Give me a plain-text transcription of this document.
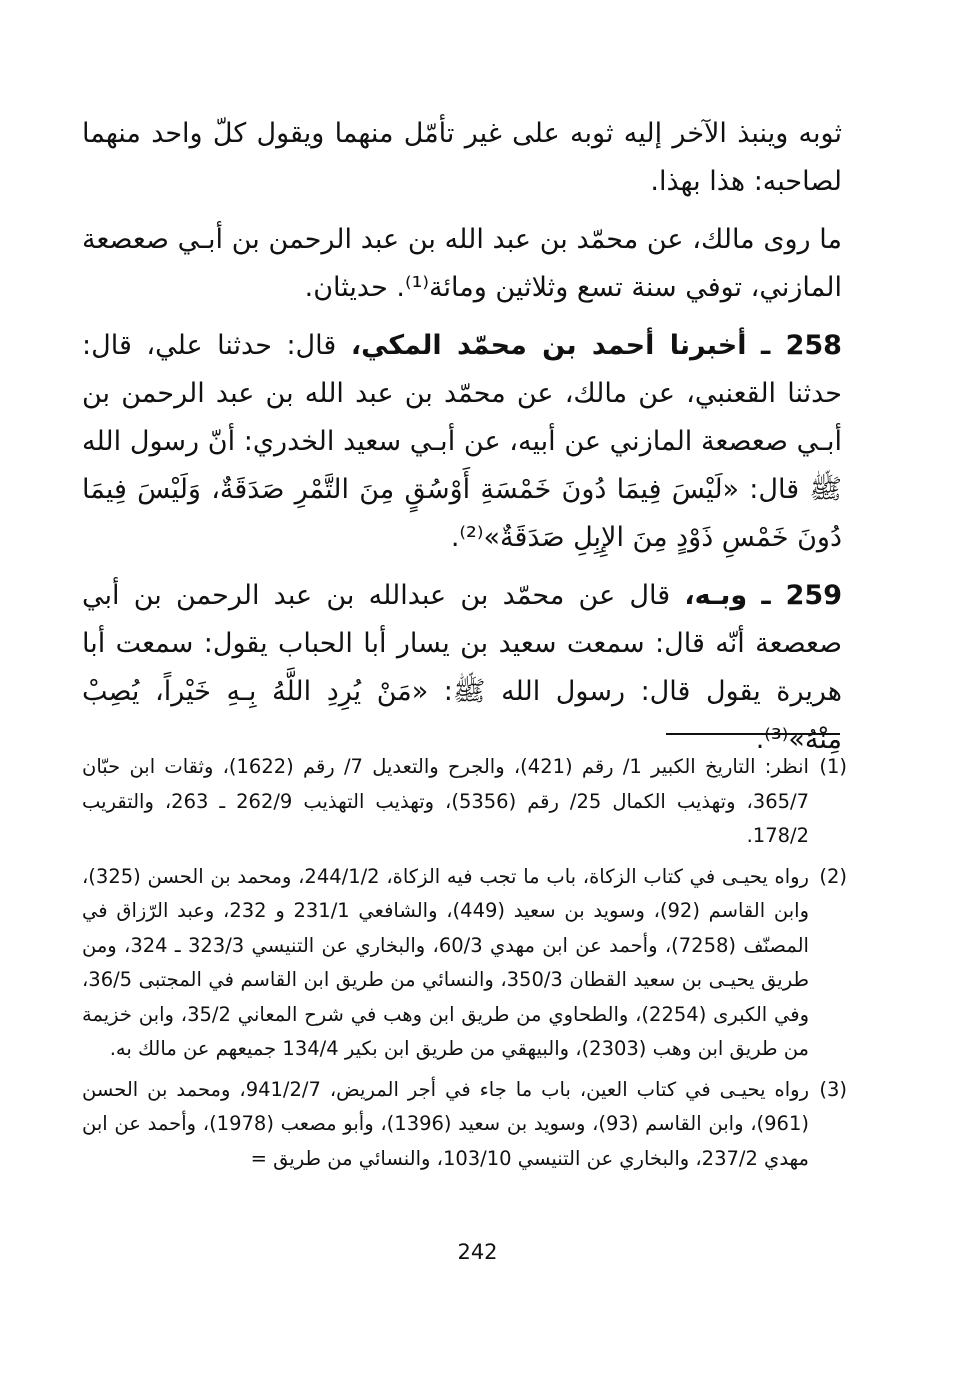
ثوبه وينبذ الآخر إليه ثوبه على غير تأمّل منهما ويقول كلّ واحد منهما لصاحبه: هذا بهذا.

ما روى مالك، عن محمّد بن عبد الله بن عبد الرحمن بن أبـي صعصعة المازني، توفي سنة تسع وثلاثين ومائة⁽¹⁾. حديثان.

258 ـ أخبرنا أحمد بن محمّد المكي، قال: حدثنا علي، قال: حدثنا القعنبي، عن مالك، عن محمّد بن عبد الله بن عبد الرحمن بن أبـي صعصعة المازني عن أبيه، عن أبـي سعيد الخدري: أنّ رسول الله ﷺ قال: «لَيْسَ فِيمَا دُونَ خَمْسَةِ أَوْسُقٍ مِنَ التَّمْرِ صَدَقَةٌ، وَلَيْسَ فِيمَا دُونَ خَمْسِ ذَوْدٍ مِنَ الإِبِلِ صَدَقَةٌ»⁽²⁾.

259 ـ وبـه، قال عن محمّد بن عبدالله بن عبد الرحمن بن أبي صعصعة أنّه قال: سمعت سعيد بن يسار أبا الحباب يقول: سمعت أبا هريرة يقول قال: رسول الله ﷺ: «مَنْ يُرِدِ اللَّهُ بِـهِ خَيْراً، يُصِبْ مِنْهُ»⁽³⁾.

(1)
انظر: التاريخ الكبير 1/ رقم (421)، والجرح والتعديل 7/ رقم (1622)، وثقات ابن حبّان 365/7، وتهذيب الكمال 25/ رقم (5356)، وتهذيب التهذيب 262/9 ـ 263، والتقريب 178/2.
(2)
رواه يحيـى في كتاب الزكاة، باب ما تجب فيه الزكاة، 244/1/2، ومحمد بن الحسن (325)، وابن القاسم (92)، وسويد بن سعيد (449)، والشافعي 231/1 و 232، وعبد الرّزاق في المصنّف (7258)، وأحمد عن ابن مهدي 60/3، والبخاري عن التنيسي 323/3 ـ 324، ومن طريق يحيـى بن سعيد القطان 350/3، والنسائي من طريق ابن القاسم في المجتبى 36/5، وفي الكبرى (2254)، والطحاوي من طريق ابن وهب في شرح المعاني 35/2، وابن خزيمة من طريق ابن وهب (2303)، والبيهقي من طريق ابن بكير 134/4 جميعهم عن مالك به.
(3)
رواه يحيـى في كتاب العين، باب ما جاء في أجر المريض، 941/2/7، ومحمد بن الحسن (961)، وابن القاسم (93)، وسويد بن سعيد (1396)، وأبو مصعب (1978)، وأحمد عن ابن مهدي 237/2، والبخاري عن التنيسي 103/10، والنسائي من طريق =
242
